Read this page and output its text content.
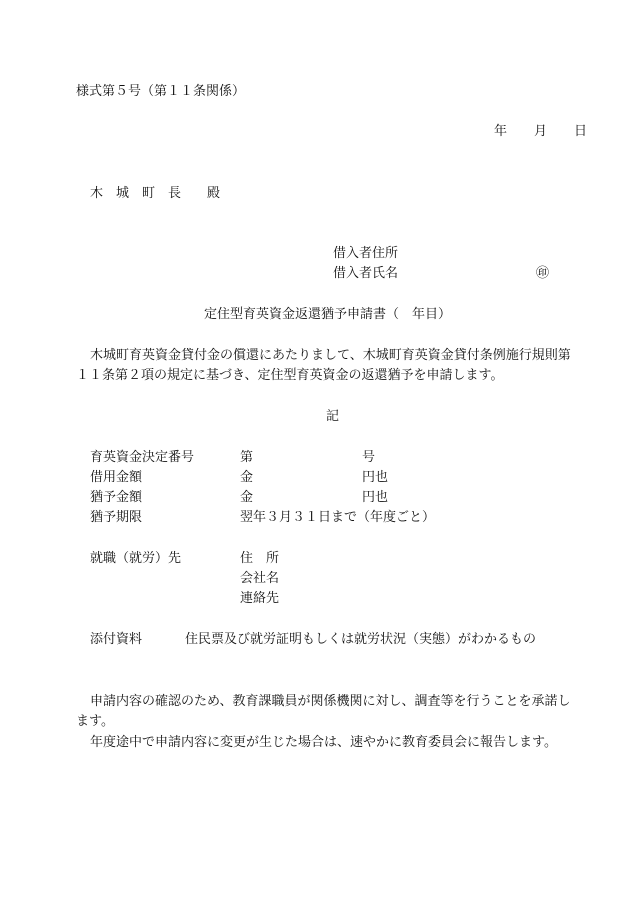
様式第５号（第１１条関係）
年 月 日
木　城　町　長　　殿
借入者住所
借入者氏名	㊞
定住型育英資金返還猶予申請書（　年目）
木城町育英資金貸付金の償還にあたりまして、木城町育英資金貸付条例施行規則第
１１条第２項の規定に基づき、定住型育英資金の返還猶予を申請します。
記
育英資金決定番号	第	号
借用金額	金	円也
猶予金額	金	円也
猶予期限	翌年３月３１日まで（年度ごと）
就職（就労）先	住　所
会社名
連絡先
添付資料	住民票及び就労証明もしくは就労状況（実態）がわかるもの
申請内容の確認のため、教育課職員が関係機関に対し、調査等を行うことを承諾し
ます。
年度途中で申請内容に変更が生じた場合は、速やかに教育委員会に報告します。
